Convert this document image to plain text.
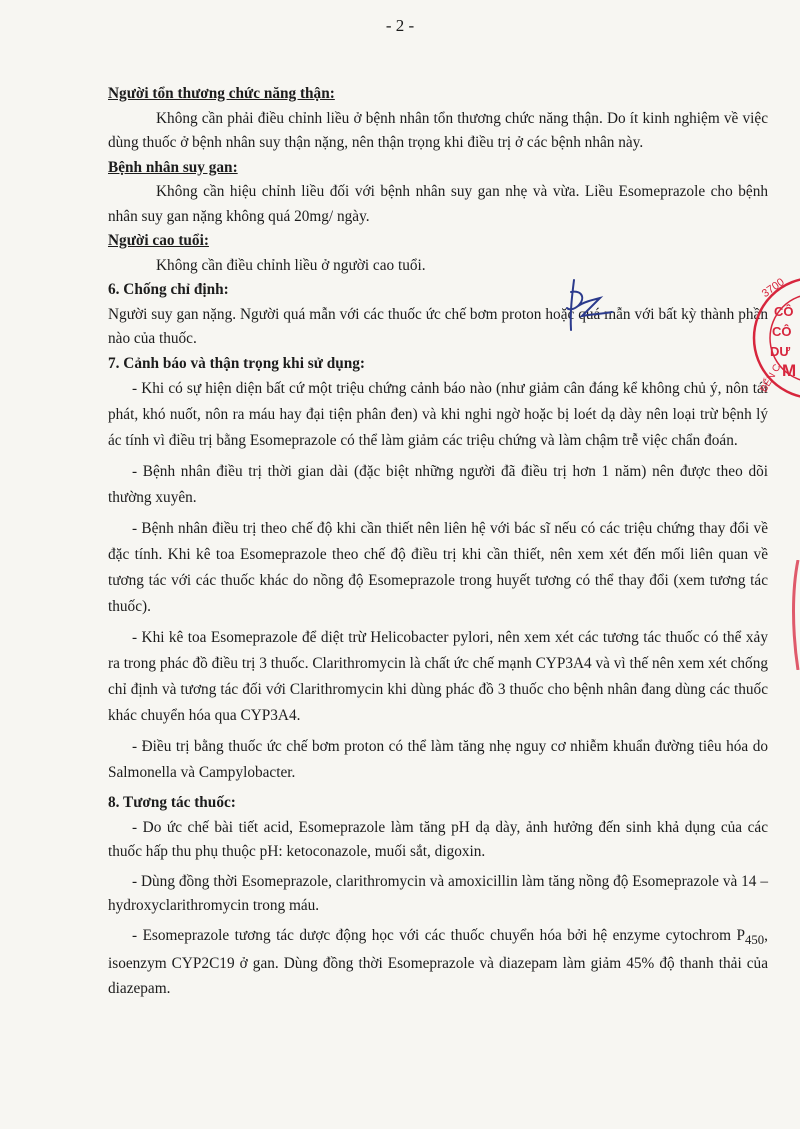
- 2 -

Người tổn thương chức năng thận:

Không cần phải điều chỉnh liều ở bệnh nhân tổn thương chức năng thận. Do ít kinh nghiệm về việc dùng thuốc ở bệnh nhân suy thận nặng, nên thận trọng khi điều trị ở các bệnh nhân này.

Bệnh nhân suy gan:

Không cần hiệu chỉnh liều đối với bệnh nhân suy gan nhẹ và vừa. Liều Esomeprazole cho bệnh nhân suy gan nặng không quá 20mg/ ngày.

Người cao tuổi:

Không cần điều chỉnh liều ở người cao tuổi.

6. Chống chỉ định:

Người suy gan nặng. Người quá mẫn với các thuốc ức chế bơm proton hoặc quá mẫn với bất kỳ thành phần nào của thuốc.

7. Cảnh báo và thận trọng khi sử dụng:

- Khi có sự hiện diện bất cứ một triệu chứng cảnh báo nào (như giảm cân đáng kể không chủ ý, nôn tái phát, khó nuốt, nôn ra máu hay đại tiện phân đen) và khi nghi ngờ hoặc bị loét dạ dày nên loại trừ bệnh lý ác tính vì điều trị bằng Esomeprazole có thể làm giảm các triệu chứng và làm chậm trễ việc chẩn đoán.

- Bệnh nhân điều trị thời gian dài (đặc biệt những người đã điều trị hơn 1 năm) nên được theo dõi thường xuyên.

- Bệnh nhân điều trị theo chế độ khi cần thiết nên liên hệ với bác sĩ nếu có các triệu chứng thay đổi về đặc tính. Khi kê toa Esomeprazole theo chế độ điều trị khi cần thiết, nên xem xét đến mối liên quan về tương tác với các thuốc khác do nồng độ Esomeprazole trong huyết tương có thể thay đổi (xem tương tác thuốc).

- Khi kê toa Esomeprazole để diệt trừ Helicobacter pylori, nên xem xét các tương tác thuốc có thể xảy ra trong phác đồ điều trị 3 thuốc. Clarithromycin là chất ức chế mạnh CYP3A4 và vì thế nên xem xét chống chỉ định và tương tác đối với Clarithromycin khi dùng phác đồ 3 thuốc cho bệnh nhân đang dùng các thuốc khác chuyển hóa qua CYP3A4.

- Điều trị bằng thuốc ức chế bơm proton có thể làm tăng nhẹ nguy cơ nhiễm khuẩn đường tiêu hóa do Salmonella và Campylobacter.

8. Tương tác thuốc:

- Do ức chế bài tiết acid, Esomeprazole làm tăng pH dạ dày, ảnh hưởng đến sinh khả dụng của các thuốc hấp thu phụ thuộc pH: ketoconazole, muối sắt, digoxin.

- Dùng đồng thời Esomeprazole, clarithromycin và amoxicillin làm tăng nồng độ Esomeprazole và 14 – hydroxyclarithromycin trong máu.

- Esomeprazole tương tác dược động học với các thuốc chuyển hóa bởi hệ enzyme cytochrom $P_{450}$, isoenzym CYP2C19 ở gan. Dùng đồng thời Esomeprazole và diazepam làm giảm 45% độ thanh thải của diazepam.

3700
CÔ
CÔ
DƯ
M
BẾN C
